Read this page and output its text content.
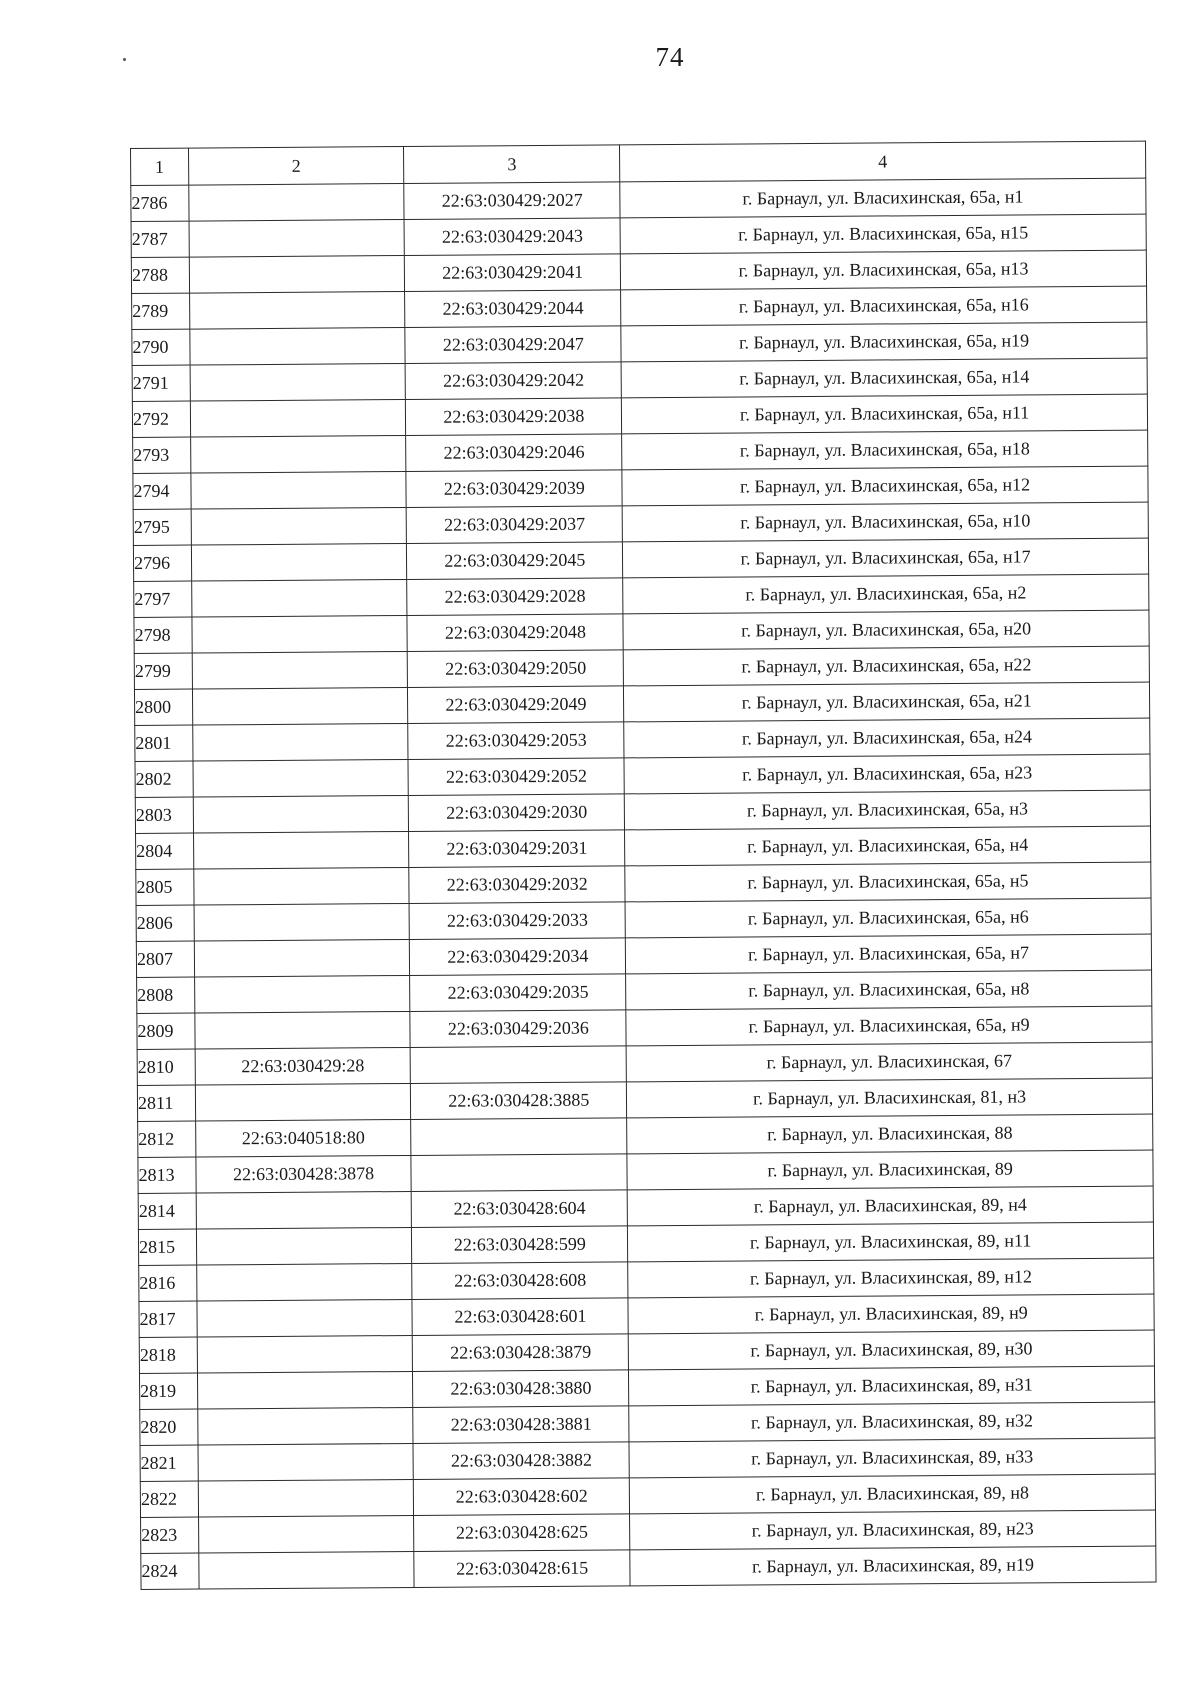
74
1	2	3	4
2786		22:63:030429:2027	г. Барнаул, ул. Власихинская, 65а, н1
2787		22:63:030429:2043	г. Барнаул, ул. Власихинская, 65а, н15
2788		22:63:030429:2041	г. Барнаул, ул. Власихинская, 65а, н13
2789		22:63:030429:2044	г. Барнаул, ул. Власихинская, 65а, н16
2790		22:63:030429:2047	г. Барнаул, ул. Власихинская, 65а, н19
2791		22:63:030429:2042	г. Барнаул, ул. Власихинская, 65а, н14
2792		22:63:030429:2038	г. Барнаул, ул. Власихинская, 65а, н11
2793		22:63:030429:2046	г. Барнаул, ул. Власихинская, 65а, н18
2794		22:63:030429:2039	г. Барнаул, ул. Власихинская, 65а, н12
2795		22:63:030429:2037	г. Барнаул, ул. Власихинская, 65а, н10
2796		22:63:030429:2045	г. Барнаул, ул. Власихинская, 65а, н17
2797		22:63:030429:2028	г. Барнаул, ул. Власихинская, 65а, н2
2798		22:63:030429:2048	г. Барнаул, ул. Власихинская, 65а, н20
2799		22:63:030429:2050	г. Барнаул, ул. Власихинская, 65а, н22
2800		22:63:030429:2049	г. Барнаул, ул. Власихинская, 65а, н21
2801		22:63:030429:2053	г. Барнаул, ул. Власихинская, 65а, н24
2802		22:63:030429:2052	г. Барнаул, ул. Власихинская, 65а, н23
2803		22:63:030429:2030	г. Барнаул, ул. Власихинская, 65а, н3
2804		22:63:030429:2031	г. Барнаул, ул. Власихинская, 65а, н4
2805		22:63:030429:2032	г. Барнаул, ул. Власихинская, 65а, н5
2806		22:63:030429:2033	г. Барнаул, ул. Власихинская, 65а, н6
2807		22:63:030429:2034	г. Барнаул, ул. Власихинская, 65а, н7
2808		22:63:030429:2035	г. Барнаул, ул. Власихинская, 65а, н8
2809		22:63:030429:2036	г. Барнаул, ул. Власихинская, 65а, н9
2810	22:63:030429:28		г. Барнаул, ул. Власихинская, 67
2811		22:63:030428:3885	г. Барнаул, ул. Власихинская, 81, н3
2812	22:63:040518:80		г. Барнаул, ул. Власихинская, 88
2813	22:63:030428:3878		г. Барнаул, ул. Власихинская, 89
2814		22:63:030428:604	г. Барнаул, ул. Власихинская, 89, н4
2815		22:63:030428:599	г. Барнаул, ул. Власихинская, 89, н11
2816		22:63:030428:608	г. Барнаул, ул. Власихинская, 89, н12
2817		22:63:030428:601	г. Барнаул, ул. Власихинская, 89, н9
2818		22:63:030428:3879	г. Барнаул, ул. Власихинская, 89, н30
2819		22:63:030428:3880	г. Барнаул, ул. Власихинская, 89, н31
2820		22:63:030428:3881	г. Барнаул, ул. Власихинская, 89, н32
2821		22:63:030428:3882	г. Барнаул, ул. Власихинская, 89, н33
2822		22:63:030428:602	г. Барнаул, ул. Власихинская, 89, н8
2823		22:63:030428:625	г. Барнаул, ул. Власихинская, 89, н23
2824		22:63:030428:615	г. Барнаул, ул. Власихинская, 89, н19
